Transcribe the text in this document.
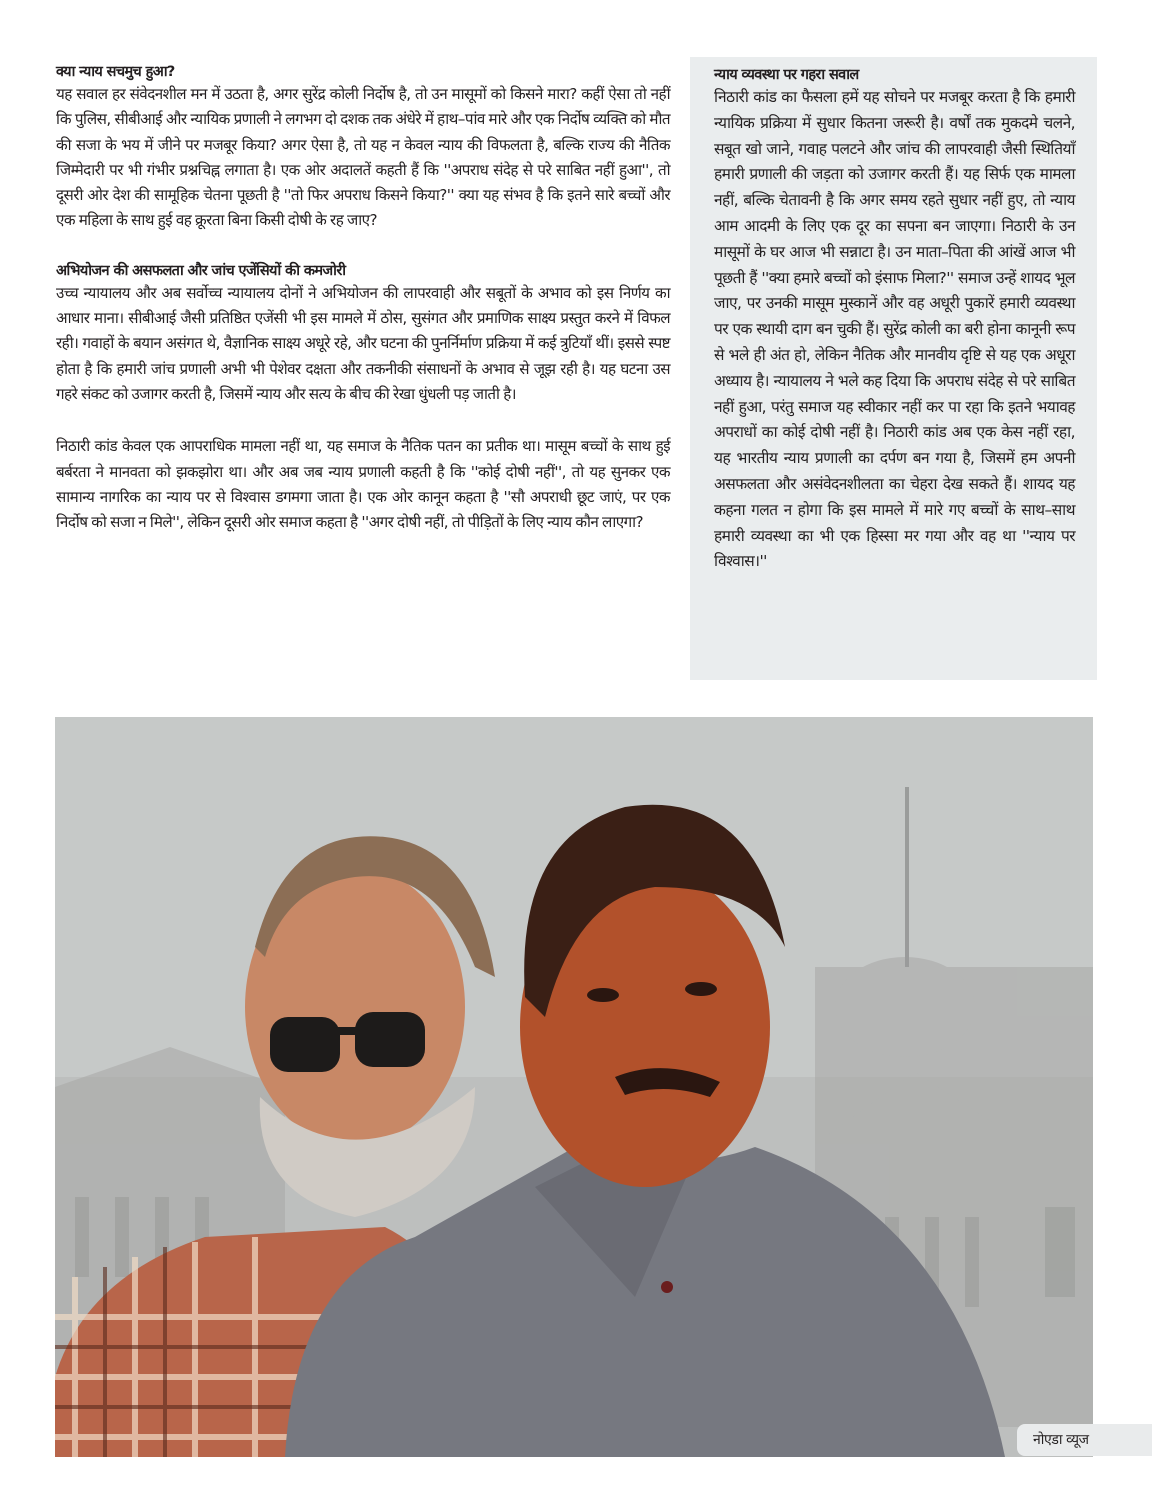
क्या न्याय सचमुच हुआ?

यह सवाल हर संवेदनशील मन में उठता है, अगर सुरेंद्र कोली निर्दोष है, तो उन मासूमों को किसने मारा? कहीं ऐसा तो नहीं कि पुलिस, सीबीआई और न्यायिक प्रणाली ने लगभग दो दशक तक अंधेरे में हाथ–पांव मारे और एक निर्दोष व्यक्ति को मौत की सजा के भय में जीने पर मजबूर किया? अगर ऐसा है, तो यह न केवल न्याय की विफलता है, बल्कि राज्य की नैतिक जिम्मेदारी पर भी गंभीर प्रश्नचिह्न लगाता है। एक ओर अदालतें कहती हैं कि ''अपराध संदेह से परे साबित नहीं हुआ'', तो दूसरी ओर देश की सामूहिक चेतना पूछती है ''तो फिर अपराध किसने किया?'' क्या यह संभव है कि इतने सारे बच्चों और एक महिला के साथ हुई वह क्रूरता बिना किसी दोषी के रह जाए?

अभियोजन की असफलता और जांच एजेंसियों की कमजोरी

उच्च न्यायालय और अब सर्वोच्च न्यायालय दोनों ने अभियोजन की लापरवाही और सबूतों के अभाव को इस निर्णय का आधार माना। सीबीआई जैसी प्रतिष्ठित एजेंसी भी इस मामले में ठोस, सुसंगत और प्रमाणिक साक्ष्य प्रस्तुत करने में विफल रही। गवाहों के बयान असंगत थे, वैज्ञानिक साक्ष्य अधूरे रहे, और घटना की पुनर्निर्माण प्रक्रिया में कई त्रुटियाँ थीं। इससे स्पष्ट होता है कि हमारी जांच प्रणाली अभी भी पेशेवर दक्षता और तकनीकी संसाधनों के अभाव से जूझ रही है। यह घटना उस गहरे संकट को उजागर करती है, जिसमें न्याय और सत्य के बीच की रेखा धुंधली पड़ जाती है।

निठारी कांड केवल एक आपराधिक मामला नहीं था, यह समाज के नैतिक पतन का प्रतीक था। मासूम बच्चों के साथ हुई बर्बरता ने मानवता को झकझोरा था। और अब जब न्याय प्रणाली कहती है कि ''कोई दोषी नहीं'', तो यह सुनकर एक सामान्य नागरिक का न्याय पर से विश्वास डगमगा जाता है। एक ओर कानून कहता है ''सौ अपराधी छूट जाएं, पर एक निर्दोष को सजा न मिले'', लेकिन दूसरी ओर समाज कहता है ''अगर दोषी नहीं, तो पीड़ितों के लिए न्याय कौन लाएगा?

न्याय व्यवस्था पर गहरा सवाल

निठारी कांड का फैसला हमें यह सोचने पर मजबूर करता है कि हमारी न्यायिक प्रक्रिया में सुधार कितना जरूरी है। वर्षों तक मुकदमे चलने, सबूत खो जाने, गवाह पलटने और जांच की लापरवाही जैसी स्थितियाँ हमारी प्रणाली की जड़ता को उजागर करती हैं। यह सिर्फ एक मामला नहीं, बल्कि चेतावनी है कि अगर समय रहते सुधार नहीं हुए, तो न्याय आम आदमी के लिए एक दूर का सपना बन जाएगा। निठारी के उन मासूमों के घर आज भी सन्नाटा है। उन माता–पिता की आंखें आज भी पूछती हैं ''क्या हमारे बच्चों को इंसाफ मिला?'' समाज उन्हें शायद भूल जाए, पर उनकी मासूम मुस्कानें और वह अधूरी पुकारें हमारी व्यवस्था पर एक स्थायी दाग बन चुकी हैं। सुरेंद्र कोली का बरी होना कानूनी रूप से भले ही अंत हो, लेकिन नैतिक और मानवीय दृष्टि से यह एक अधूरा अध्याय है। न्यायालय ने भले कह दिया कि अपराध संदेह से परे साबित नहीं हुआ, परंतु समाज यह स्वीकार नहीं कर पा रहा कि इतने भयावह अपराधों का कोई दोषी नहीं है। निठारी कांड अब एक केस नहीं रहा, यह भारतीय न्याय प्रणाली का दर्पण बन गया है, जिसमें हम अपनी असफलता और असंवेदनशीलता का चेहरा देख सकते हैं। शायद यह कहना गलत न होगा कि इस मामले में मारे गए बच्चों के साथ–साथ हमारी व्यवस्था का भी एक हिस्सा मर गया और वह था ''न्याय पर विश्वास।''

नोएडा व्यूज
